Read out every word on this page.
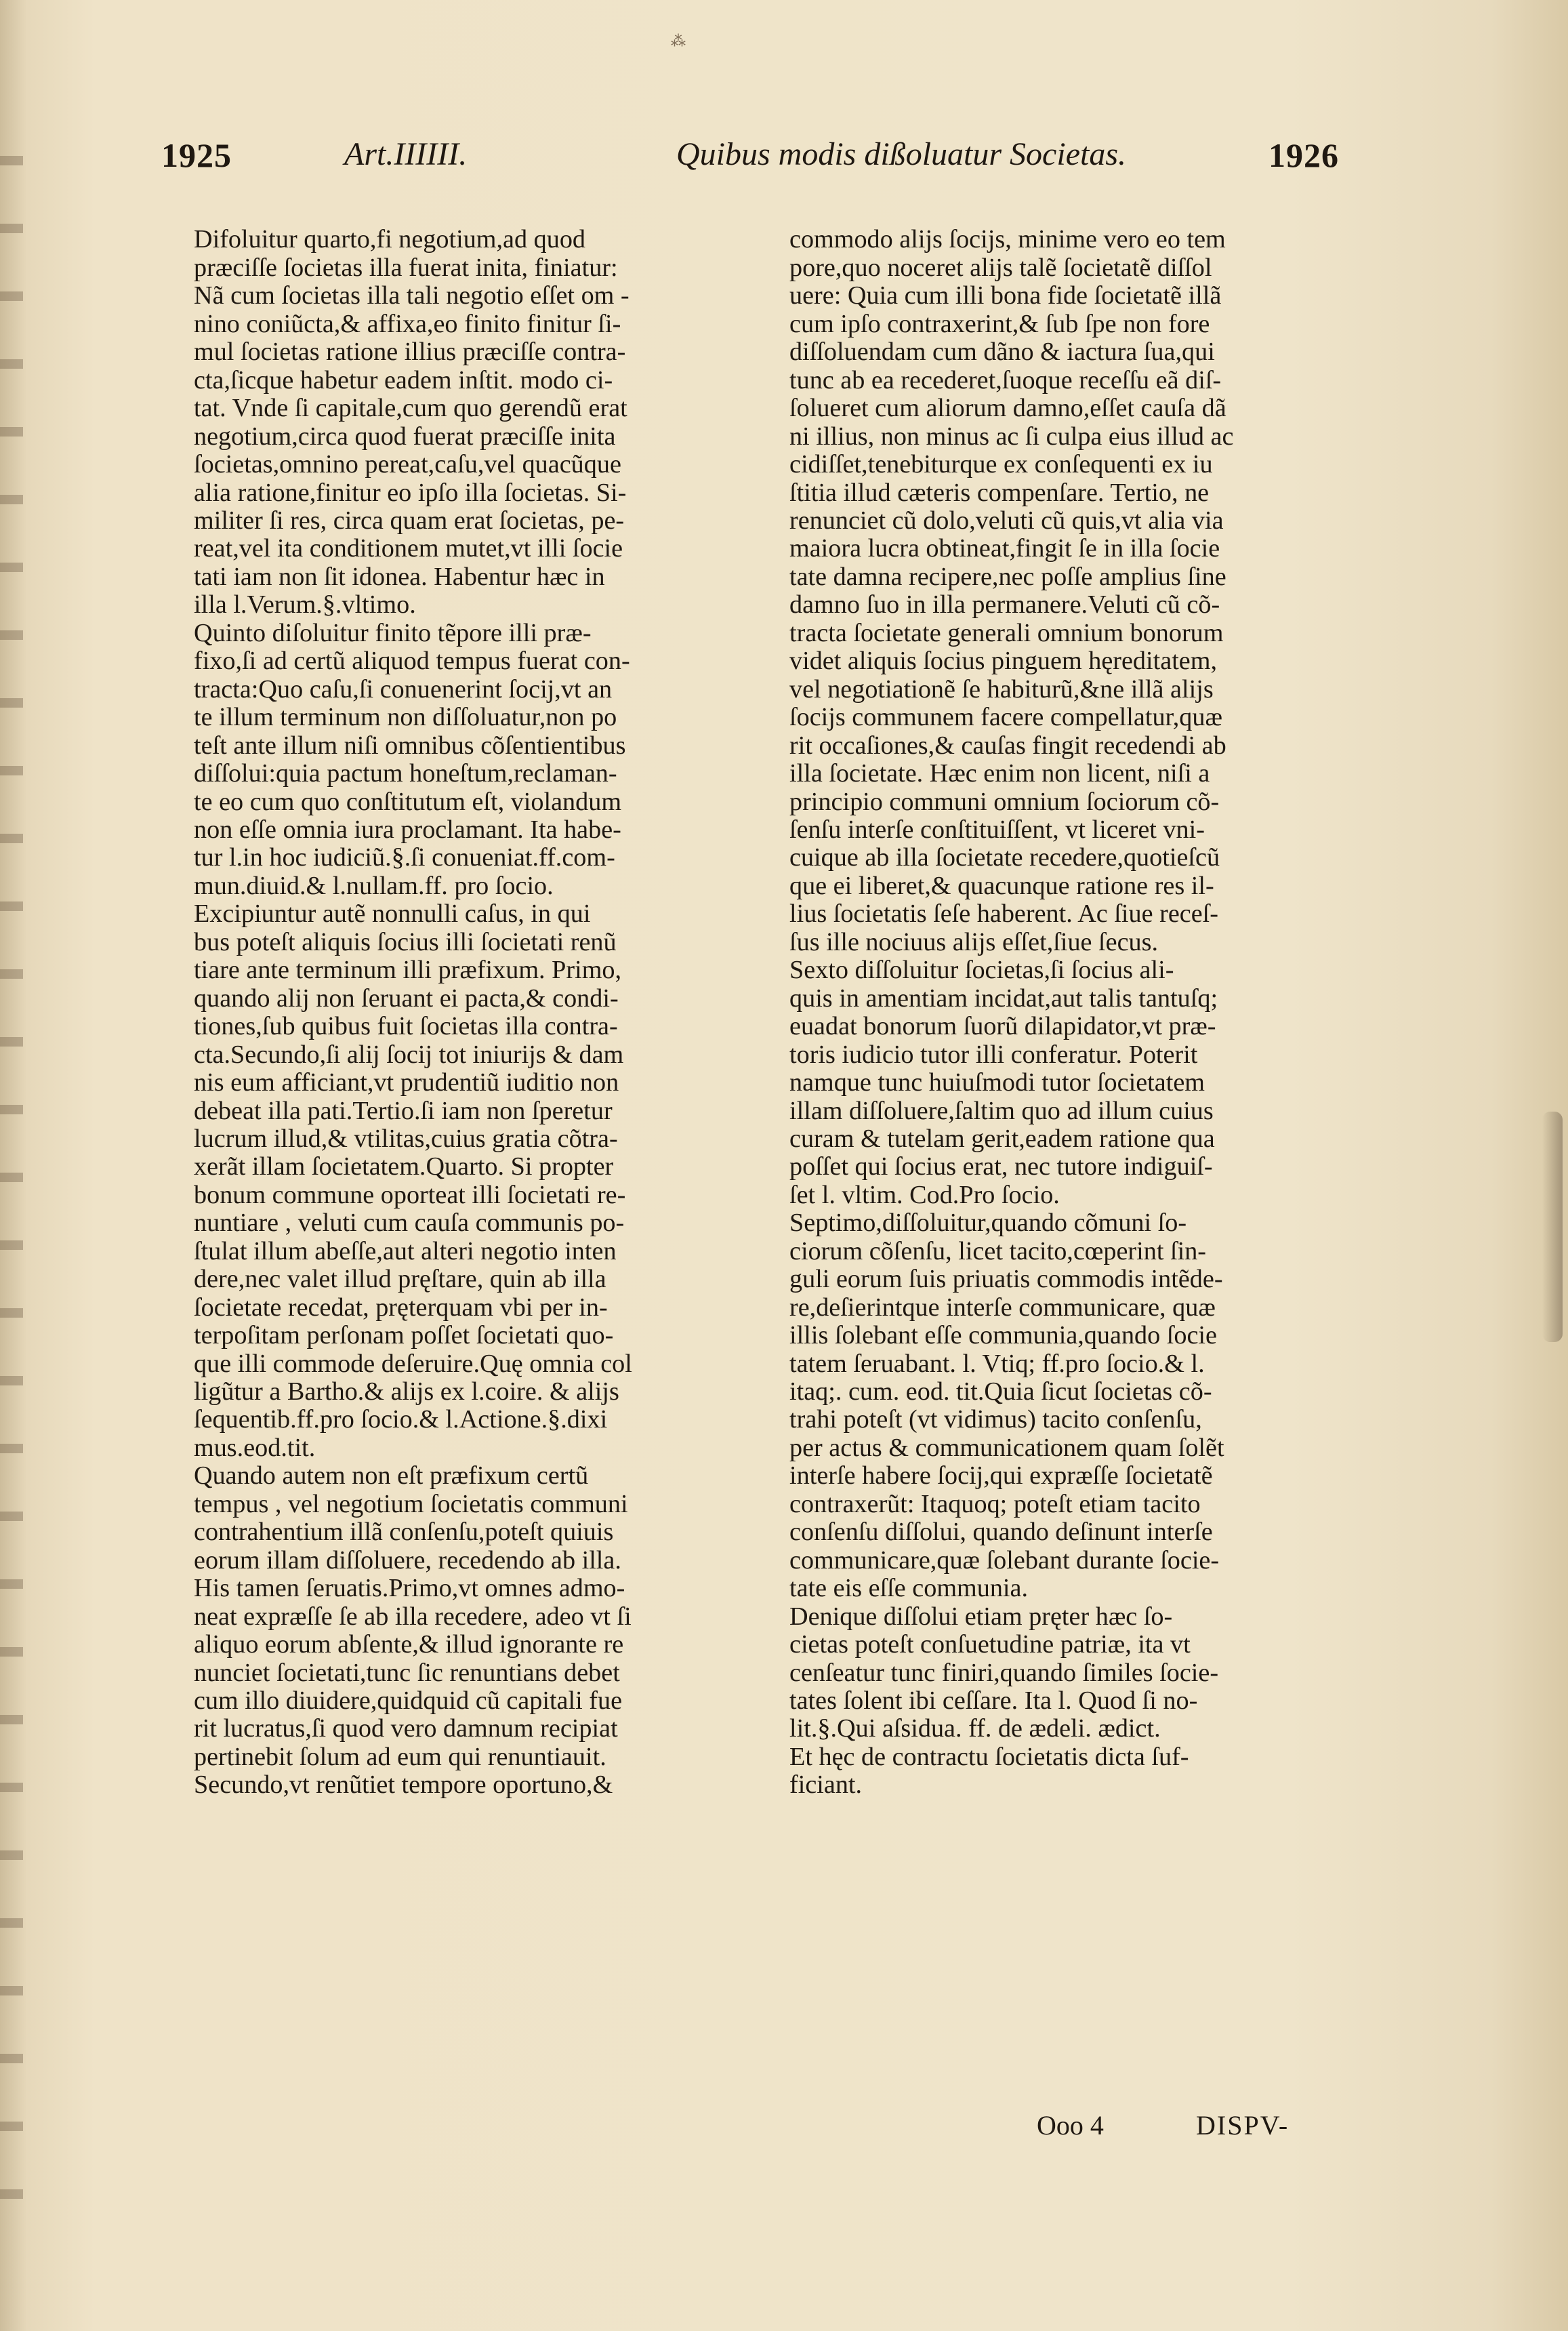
⁂
1925	Art.IIIIII.	Quibus modis dißoluatur Societas.	1926

Difoluitur quarto,fi negotium,ad quod
præciſſe ſocietas illa fuerat inita, finiatur:
Nã cum ſocietas illa tali negotio eſſet om -
nino coniũcta,& affixa,eo finito finitur ſi-
mul ſocietas ratione illius præciſſe contra-
cta,ſicque habetur eadem inſtit. modo ci-
tat. Vnde ſi capitale,cum quo gerendũ erat
negotium,circa quod fuerat præciſſe inita
ſocietas,omnino pereat,caſu,vel quacũque
alia ratione,finitur eo ipſo illa ſocietas. Si-
militer ſi res, circa quam erat ſocietas, pe-
reat,vel ita conditionem mutet,vt illi ſocie
tati iam non ſit idonea. Habentur hæc in
illa l.Verum.§.vltimo.
Quinto diſoluitur finito tẽpore illi præ-
fixo,ſi ad certũ aliquod tempus fuerat con-
tracta:Quo caſu,ſi conuenerint ſocij,vt an
te illum terminum non diſſoluatur,non po
teſt ante illum niſi omnibus cõſentientibus
diſſolui:quia pactum honeſtum,reclaman-
te eo cum quo conſtitutum eſt, violandum
non eſſe omnia iura proclamant. Ita habe-
tur l.in hoc iudiciũ.§.ſi conueniat.ff.com-
mun.diuid.& l.nullam.ff. pro ſocio.
Excipiuntur autẽ nonnulli caſus, in qui
bus poteſt aliquis ſocius illi ſocietati renũ
tiare ante terminum illi præfixum. Primo,
quando alij non ſeruant ei pacta,& condi-
tiones,ſub quibus fuit ſocietas illa contra-
cta.Secundo,ſi alij ſocij tot iniurijs & dam
nis eum afficiant,vt prudentiũ iuditio non
debeat illa pati.Tertio.ſi iam non ſperetur
lucrum illud,& vtilitas,cuius gratia cõtra-
xerãt illam ſocietatem.Quarto. Si propter
bonum commune oporteat illi ſocietati re-
nuntiare , veluti cum cauſa communis po-
ſtulat illum abeſſe,aut alteri negotio inten
dere,nec valet illud pręſtare, quin ab illa
ſocietate recedat, pręterquam vbi per in-
terpoſitam perſonam poſſet ſocietati quo-
que illi commode deſeruire.Quę omnia col
ligũtur a Bartho.& alijs ex l.coire. & alijs
ſequentib.ff.pro ſocio.& l.Actione.§.dixi
mus.eod.tit.
Quando autem non eſt præfixum certũ
tempus , vel negotium ſocietatis communi
contrahentium illã conſenſu,poteſt quiuis
eorum illam diſſoluere, recedendo ab illa.
His tamen ſeruatis.Primo,vt omnes admo-
neat expræſſe ſe ab illa recedere, adeo vt ſi
aliquo eorum abſente,& illud ignorante re
nunciet ſocietati,tunc ſic renuntians debet
cum illo diuidere,quidquid cũ capitali fue
rit lucratus,ſi quod vero damnum recipiat
pertinebit ſolum ad eum qui renuntiauit.
Secundo,vt renũtiet tempore oportuno,&

commodo alijs ſocijs, minime vero eo tem
pore,quo noceret alijs talẽ ſocietatẽ diſſol
uere: Quia cum illi bona fide ſocietatẽ illã
cum ipſo contraxerint,& ſub ſpe non fore
diſſoluendam cum dãno & iactura ſua,qui
tunc ab ea recederet,ſuoque receſſu eã diſ-
ſolueret cum aliorum damno,eſſet cauſa dã
ni illius, non minus ac ſi culpa eius illud ac
cidiſſet,tenebiturque ex conſequenti ex iu
ſtitia illud cæteris compenſare. Tertio, ne
renunciet cũ dolo,veluti cũ quis,vt alia via
maiora lucra obtineat,fingit ſe in illa ſocie
tate damna recipere,nec poſſe amplius ſine
damno ſuo in illa permanere.Veluti cũ cõ-
tracta ſocietate generali omnium bonorum
videt aliquis ſocius pinguem hęreditatem,
vel negotiationẽ ſe habiturũ,&ne illã alijs
ſocijs communem facere compellatur,quæ
rit occaſiones,& cauſas fingit recedendi ab
illa ſocietate. Hæc enim non licent, niſi a
principio communi omnium ſociorum cõ-
ſenſu interſe conſtituiſſent, vt liceret vni-
cuique ab illa ſocietate recedere,quotieſcũ
que ei liberet,& quacunque ratione res il-
lius ſocietatis ſeſe haberent. Ac ſiue receſ-
ſus ille nociuus alijs eſſet,ſiue ſecus.
Sexto diſſoluitur ſocietas,ſi ſocius ali-
quis in amentiam incidat,aut talis tantuſq;
euadat bonorum ſuorũ dilapidator,vt præ-
toris iudicio tutor illi conferatur. Poterit
namque tunc huiuſmodi tutor ſocietatem
illam diſſoluere,ſaltim quo ad illum cuius
curam & tutelam gerit,eadem ratione qua
poſſet qui ſocius erat, nec tutore indiguiſ-
ſet l. vltim. Cod.Pro ſocio.
Septimo,diſſoluitur,quando cõmuni ſo-
ciorum cõſenſu, licet tacito,cœperint ſin-
guli eorum ſuis priuatis commodis intẽde-
re,deſierintque interſe communicare, quæ
illis ſolebant eſſe communia,quando ſocie
tatem ſeruabant. l. Vtiq; ff.pro ſocio.& l.
itaq;. cum. eod. tit.Quia ſicut ſocietas cõ-
trahi poteſt (vt vidimus) tacito conſenſu,
per actus & communicationem quam ſolẽt
interſe habere ſocij,qui expræſſe ſocietatẽ
contraxerũt: Itaquoq; poteſt etiam tacito
conſenſu diſſolui, quando deſinunt interſe
communicare,quæ ſolebant durante ſocie-
tate eis eſſe communia.
Denique diſſolui etiam pręter hæc ſo-
cietas poteſt conſuetudine patriæ, ita vt
cenſeatur tunc finiri,quando ſimiles ſocie-
tates ſolent ibi ceſſare. Ita l. Quod ſi no-
lit.§.Qui aſsidua. ff. de ædeli. ædict.
Et hęc de contractu ſocietatis dicta ſuf-
ficiant.

Ooo 4	DISPV-
